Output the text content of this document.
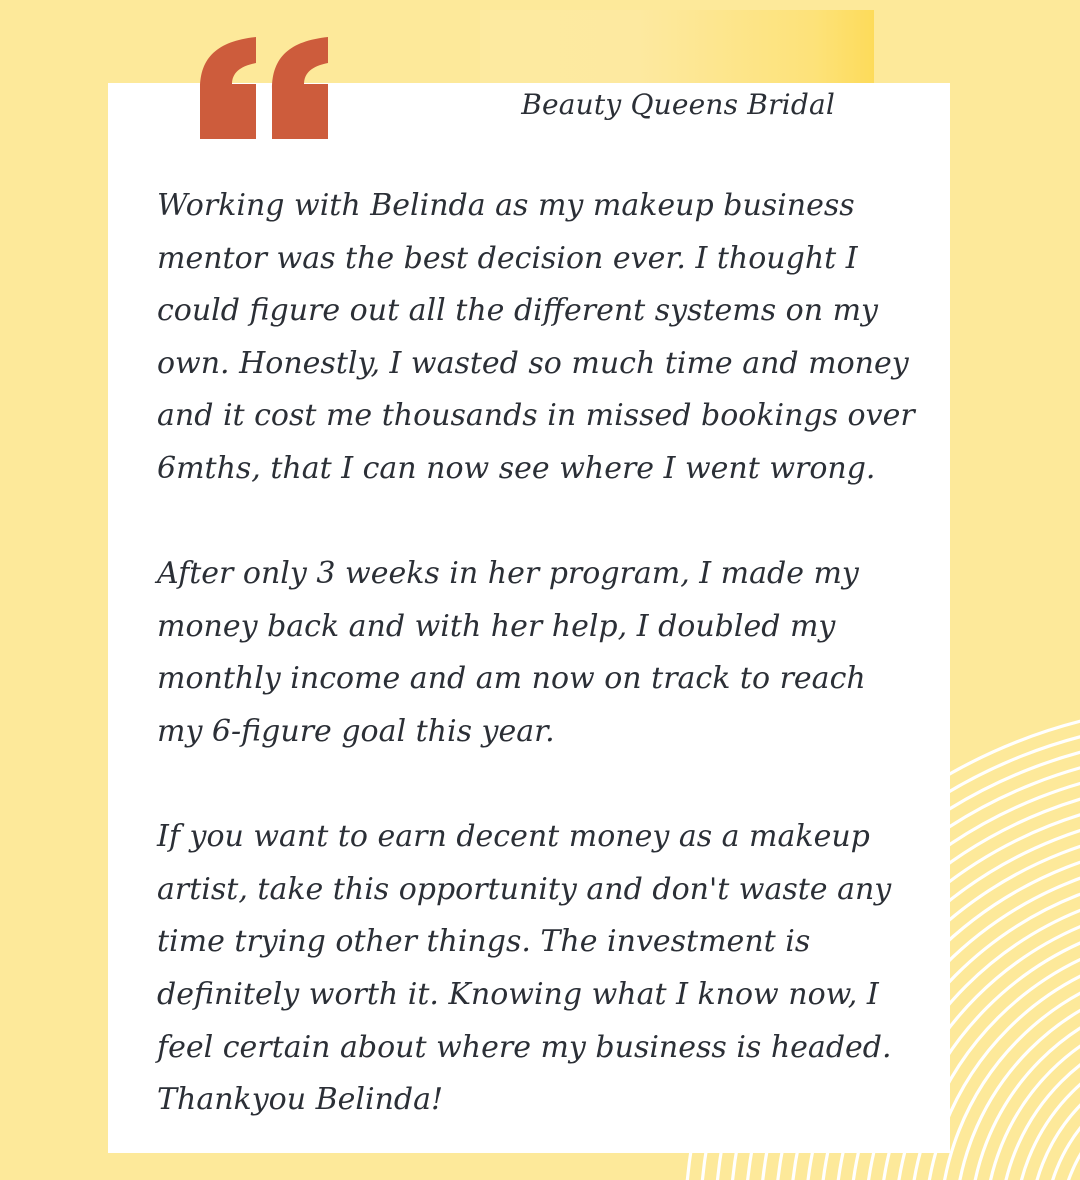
Beauty Queens Bridal

Working with Belinda as my makeup business mentor was the best decision ever. I thought I could figure out all the different systems on my own. Honestly, I wasted so much time and money and it cost me thousands in missed bookings over 6mths, that I can now see where I went wrong.

After only 3 weeks in her program, I made my money back and with her help, I doubled my monthly income and am now on track to reach my 6-figure goal this year.

If you want to earn decent money as a makeup artist, take this opportunity and don't waste any time trying other things. The investment is definitely worth it. Knowing what I know now, I feel certain about where my business is headed. Thankyou Belinda!
